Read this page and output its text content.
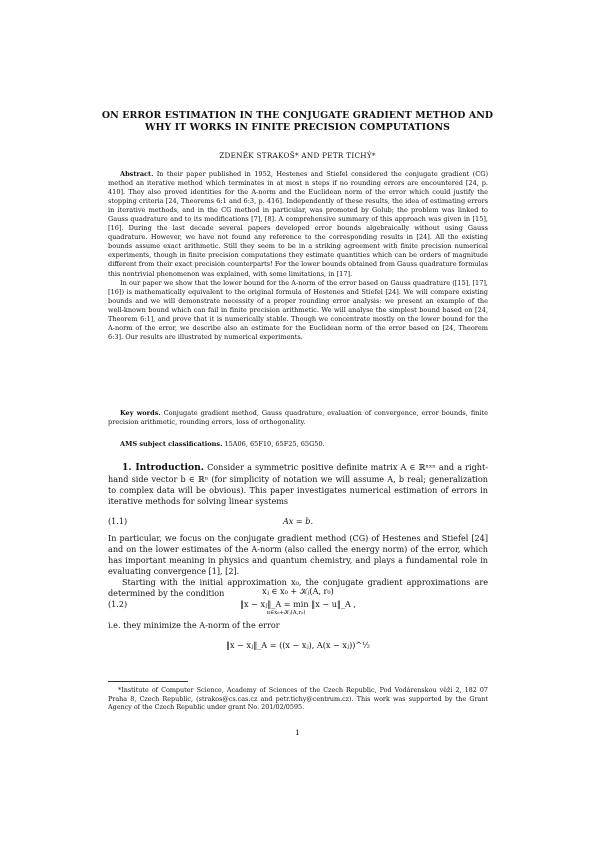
ON ERROR ESTIMATION IN THE CONJUGATE GRADIENT METHOD AND WHY IT WORKS IN FINITE PRECISION COMPUTATIONS
ZDENĚK STRAKOŠ* AND PETR TICHÝ*

Abstract. In their paper published in 1952, Hestenes and Stiefel considered the conjugate gradient (CG) method an iterative method which terminates in at most n steps if no rounding errors are encountered [24, p. 410]. They also proved identities for the A-norm and the Euclidean norm of the error which could justify the stopping criteria [24, Theorems 6:1 and 6:3, p. 416]. Independently of these results, the idea of estimating errors in iterative methods, and in the CG method in particular, was promoted by Golub; the problem was linked to Gauss quadrature and to its modifications [7], [8]. A comprehensive summary of this approach was given in [15], [16]. During the last decade several papers developed error bounds algebraically without using Gauss quadrature. However, we have not found any reference to the corresponding results in [24]. All the existing bounds assume exact arithmetic. Still they seem to be in a striking agreement with finite precision numerical experiments, though in finite precision computations they estimate quantities which can be orders of magnitude different from their exact precision counterparts! For the lower bounds obtained from Gauss quadrature formulas this nontrivial phenomenon was explained, with some limitations, in [17].

In our paper we show that the lower bound for the A-norm of the error based on Gauss quadrature ([15], [17], [16]) is mathematically equivalent to the original formula of Hestenes and Stiefel [24]. We will compare existing bounds and we will demonstrate necessity of a proper rounding error analysis: we present an example of the well-known bound which can fail in finite precision arithmetic. We will analyse the simplest bound based on [24, Theorem 6:1], and prove that it is numerically stable. Though we concentrate mostly on the lower bound for the A-norm of the error, we describe also an estimate for the Euclidean norm of the error based on [24, Theorem 6:3]. Our results are illustrated by numerical experiments.

Key words. Conjugate gradient method, Gauss quadrature, evaluation of convergence, error bounds, finite precision arithmetic, rounding errors, loss of orthogonality.
AMS subject classifications. 15A06, 65F10, 65F25, 65G50.

1. Introduction. Consider a symmetric positive definite matrix A ∈ ℝⁿˣⁿ and a right-hand side vector b ∈ ℝⁿ (for simplicity of notation we will assume A, b real; generalization to complex data will be obvious). This paper investigates numerical estimation of errors in iterative methods for solving linear systems

(1.1)	Ax = b.

In particular, we focus on the conjugate gradient method (CG) of Hestenes and Stiefel [24] and on the lower estimates of the A-norm (also called the energy norm) of the error, which has important meaning in physics and quantum chemistry, and plays a fundamental role in evaluating convergence [1], [2].

Starting with the initial approximation x₀, the conjugate gradient approximations are determined by the condition	xⱼ ∈ x₀ + 𝒦ⱼ(A, r₀)
(1.2)	‖x − xⱼ‖_A = min ‖x − u‖_A ,
u∈x₀+𝒦ⱼ(A,r₀)

i.e. they minimize the A-norm of the error

‖x − xⱼ‖_A = ((x − xⱼ), A(x − xⱼ))^½
*Institute of Computer Science, Academy of Sciences of the Czech Republic, Pod Vodárenskou věží 2, 182 07 Praha 8, Czech Republic, (strakos@cs.cas.cz and petr.tichy@centrum.cz). This work was supported by the Grant Agency of the Czech Republic under grant No. 201/02/0595.
1
